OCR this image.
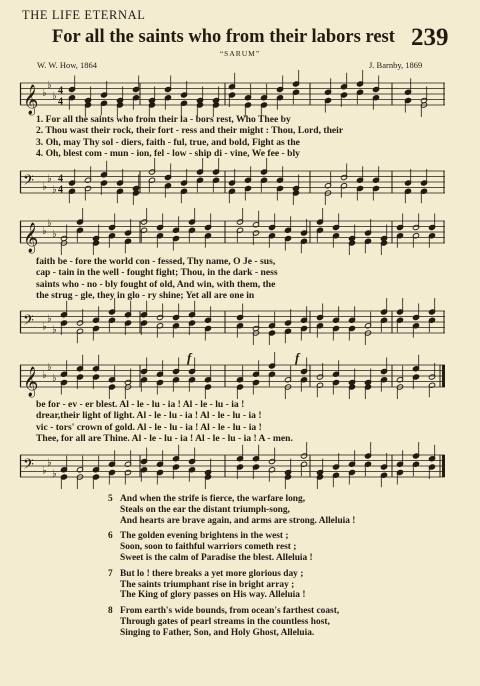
THE LIFE ETERNAL
For all the saints who from their labors rest 239
“SARUM”
W. W. How, 1864	J. Barnby, 1869
𝄞 ♭
♭
♭ 4
4
1. For all the saints who from their la - bors rest, Who Thee by
2. Thou wast their rock, their fort - ress and their might : Thou, Lord, their
3. Oh, may Thy sol - diers, faith - ful, true, and bold, Fight as the
4. Oh, blest com - mun - ion, fel - low - ship di - vine, We fee - bly
𝄢 ♭
♭
♭
4
4
𝄞 ♭
♭
♭
faith be - fore the world con - fessed, Thy name, O Je - sus,
cap - tain in the well - fought fight; Thou, in the dark - ness
saints who - no - bly fought of old, And win, with them, the
the strug - gle, they in glo - ry shine; Yet all are one in
𝄢 ♭
♭
♭
f	f
𝄞 ♭
♭
♭
be for - ev - er blest. Al - le - lu - ia ! Al - le - lu - ia !
drear,their light of light. Al - le - lu - ia ! Al - le - lu - ia !
vic - tors' crown of gold. Al - le - lu - ia ! Al - le - lu - ia !
Thee, for all are Thine. Al - le - lu - ia ! Al - le - lu - ia ! A - men.
𝄢 ♭
♭
♭
5 And when the strife is fierce, the warfare long,
Steals on the ear the distant triumph-song,
And hearts are brave again, and arms are strong. Alleluia !
6 The golden evening brightens in the west ;
Soon, soon to faithful warriors cometh rest ;
Sweet is the calm of Paradise the blest. Alleluia !
7 But lo ! there breaks a yet more glorious day ;
The saints triumphant rise in bright array ;
The King of glory passes on His way. Alleluia !
8 From earth's wide bounds, from ocean's farthest coast,
Through gates of pearl streams in the countless host,
Singing to Father, Son, and Holy Ghost, Alleluia.
